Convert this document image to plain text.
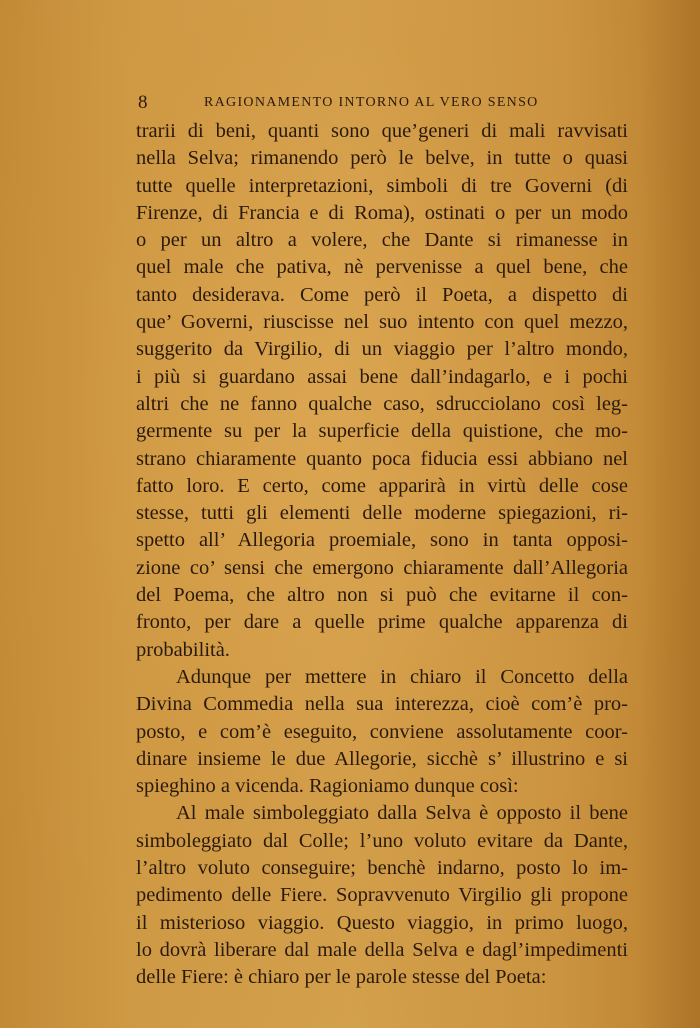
8	RAGIONAMENTO INTORNO AL VERO SENSO
trarii di beni, quanti sono que’generi di mali ravvisati
nella Selva; rimanendo però le belve, in tutte o quasi
tutte quelle interpretazioni, simboli di tre Governi (di
Firenze, di Francia e di Roma), ostinati o per un modo
o per un altro a volere, che Dante si rimanesse in
quel male che pativa, nè pervenisse a quel bene, che
tanto desiderava. Come però il Poeta, a dispetto di
que’ Governi, riuscisse nel suo intento con quel mezzo,
suggerito da Virgilio, di un viaggio per l’altro mondo,
i più si guardano assai bene dall’indagarlo, e i pochi
altri che ne fanno qualche caso, sdrucciolano così leg-
germente su per la superficie della quistione, che mo-
strano chiaramente quanto poca fiducia essi abbiano nel
fatto loro. E certo, come apparirà in virtù delle cose
stesse, tutti gli elementi delle moderne spiegazioni, ri-
spetto all’ Allegoria proemiale, sono in tanta opposi-
zione co’ sensi che emergono chiaramente dall’Allegoria
del Poema, che altro non si può che evitarne il con-
fronto, per dare a quelle prime qualche apparenza di
probabilità.
Adunque per mettere in chiaro il Concetto della
Divina Commedia nella sua interezza, cioè com’è pro-
posto, e com’è eseguito, conviene assolutamente coor-
dinare insieme le due Allegorie, sicchè s’ illustrino e si
spieghino a vicenda. Ragioniamo dunque così:
Al male simboleggiato dalla Selva è opposto il bene
simboleggiato dal Colle; l’uno voluto evitare da Dante,
l’altro voluto conseguire; benchè indarno, posto lo im-
pedimento delle Fiere. Sopravvenuto Virgilio gli propone
il misterioso viaggio. Questo viaggio, in primo luogo,
lo dovrà liberare dal male della Selva e dagl’impedimenti
delle Fiere: è chiaro per le parole stesse del Poeta:
